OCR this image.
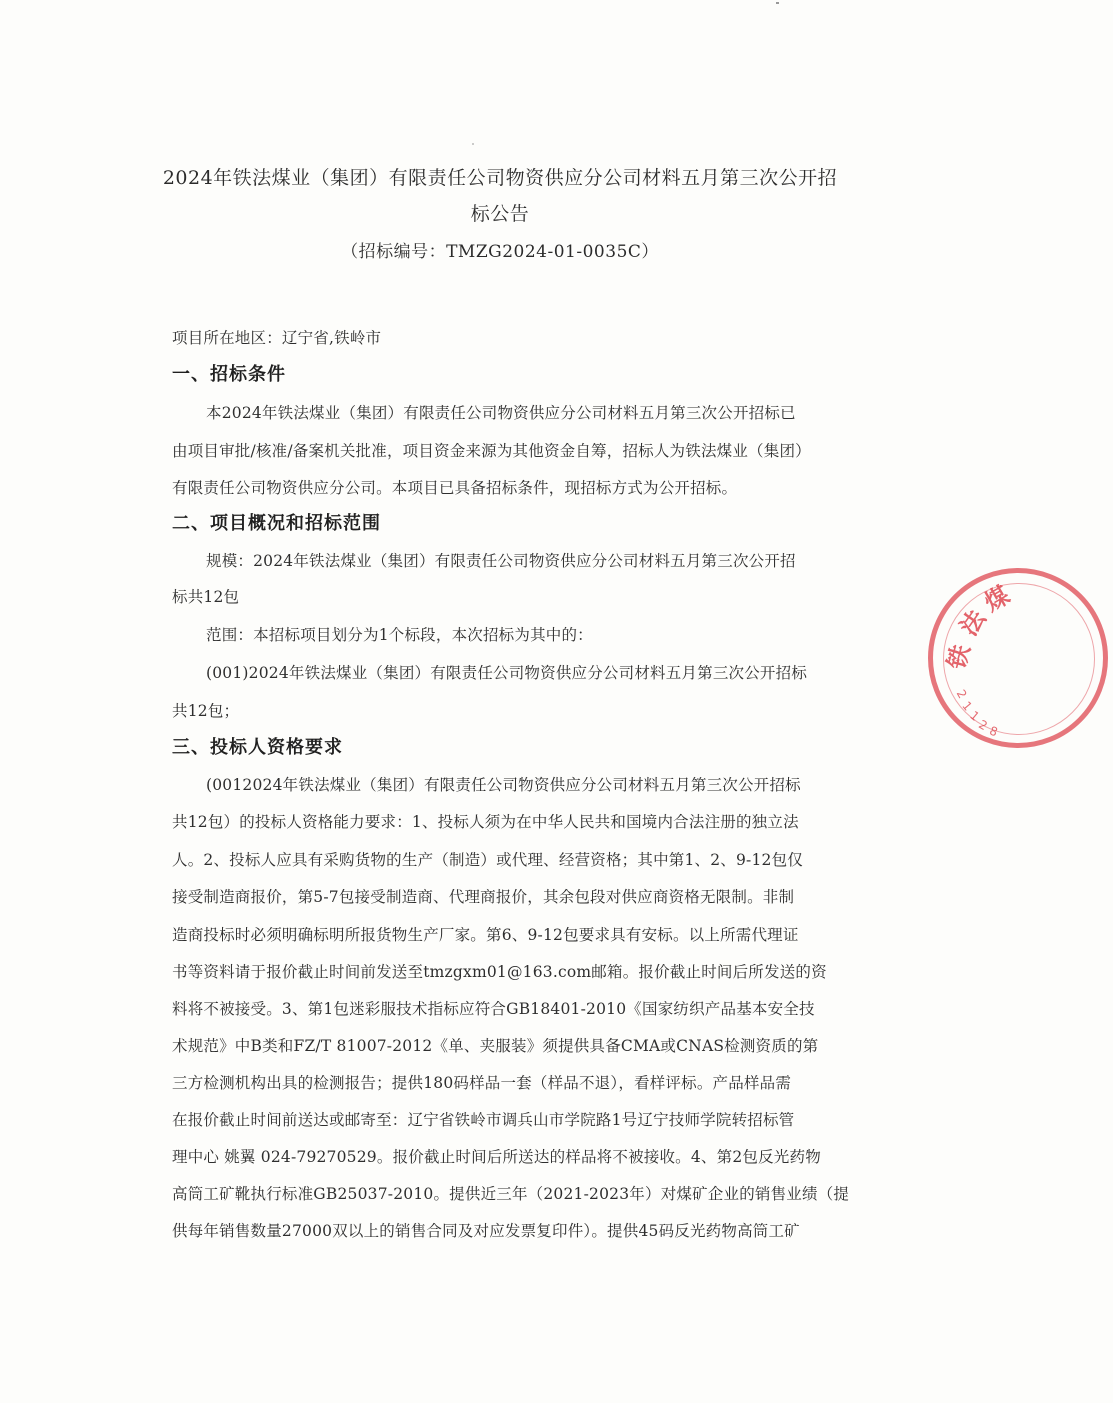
2024年铁法煤业（集团）有限责任公司物资供应分公司材料五月第三次公开招
标公告
（招标编号：TMZG2024-01-0035C）
项目所在地区：辽宁省,铁岭市
一、招标条件
本2024年铁法煤业（集团）有限责任公司物资供应分公司材料五月第三次公开招标已
由项目审批/核准/备案机关批准，项目资金来源为其他资金自筹，招标人为铁法煤业（集团）
有限责任公司物资供应分公司。本项目已具备招标条件，现招标方式为公开招标。
二、项目概况和招标范围
规模：2024年铁法煤业（集团）有限责任公司物资供应分公司材料五月第三次公开招
标共12包
范围：本招标项目划分为1个标段，本次招标为其中的：
(001)2024年铁法煤业（集团）有限责任公司物资供应分公司材料五月第三次公开招标
共12包；
三、投标人资格要求
(0012024年铁法煤业（集团）有限责任公司物资供应分公司材料五月第三次公开招标
共12包）的投标人资格能力要求：1、投标人须为在中华人民共和国境内合法注册的独立法
人。2、投标人应具有采购货物的生产（制造）或代理、经营资格；其中第1、2、9-12包仅
接受制造商报价，第5-7包接受制造商、代理商报价，其余包段对供应商资格无限制。非制
造商投标时必须明确标明所报货物生产厂家。第6、9-12包要求具有安标。以上所需代理证
书等资料请于报价截止时间前发送至tmzgxm01@163.com邮箱。报价截止时间后所发送的资
料将不被接受。3、第1包迷彩服技术指标应符合GB18401-2010《国家纺织产品基本安全技
术规范》中B类和FZ/T 81007-2012《单、夹服装》须提供具备CMA或CNAS检测资质的第
三方检测机构出具的检测报告；提供180码样品一套（样品不退），看样评标。产品样品需
在报价截止时间前送达或邮寄至：辽宁省铁岭市调兵山市学院路1号辽宁技师学院转招标管
理中心 姚翼 024-79270529。报价截止时间后所送达的样品将不被接收。4、第2包反光药物
高筒工矿靴执行标准GB25037-2010。提供近三年（2021-2023年）对煤矿企业的销售业绩（提
供每年销售数量27000双以上的销售合同及对应发票复印件）。提供45码反光药物高筒工矿
铁
法
煤
2
1
1
2
8
